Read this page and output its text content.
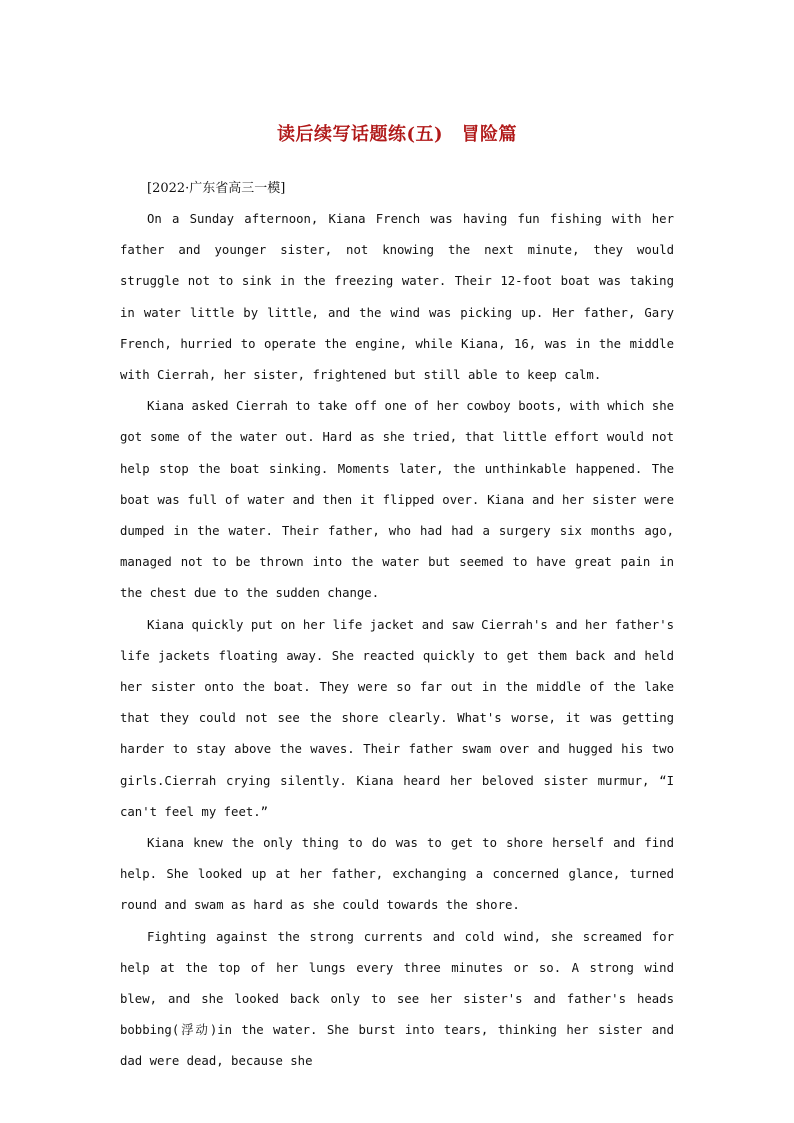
读后续写话题练(五)　冒险篇
[2022·广东省高三一模]

On a Sunday afternoon, Kiana French was having fun fishing with her father and younger sister, not knowing the next minute, they would struggle not to sink in the freezing water. Their 12-foot boat was taking in water little by little, and the wind was picking up. Her father, Gary French, hurried to operate the engine, while Kiana, 16, was in the middle with Cierrah, her sister, frightened but still able to keep calm.

Kiana asked Cierrah to take off one of her cowboy boots, with which she got some of the water out. Hard as she tried, that little effort would not help stop the boat sinking. Moments later, the unthinkable happened. The boat was full of water and then it flipped over. Kiana and her sister were dumped in the water. Their father, who had had a surgery six months ago, managed not to be thrown into the water but seemed to have great pain in the chest due to the sudden change.

Kiana quickly put on her life jacket and saw Cierrah's and her father's life jackets floating away. She reacted quickly to get them back and held her sister onto the boat. They were so far out in the middle of the lake that they could not see the shore clearly. What's worse, it was getting harder to stay above the waves. Their father swam over and hugged his two girls.Cierrah crying silently. Kiana heard her beloved sister murmur, “I can't feel my feet.”

Kiana knew the only thing to do was to get to shore herself and find help. She looked up at her father, exchanging a concerned glance, turned round and swam as hard as she could towards the shore.

Fighting against the strong currents and cold wind, she screamed for help at the top of her lungs every three minutes or so. A strong wind blew, and she looked back only to see her sister's and father's heads bobbing(浮动)in the water. She burst into tears, thinking her sister and dad were dead, because she
